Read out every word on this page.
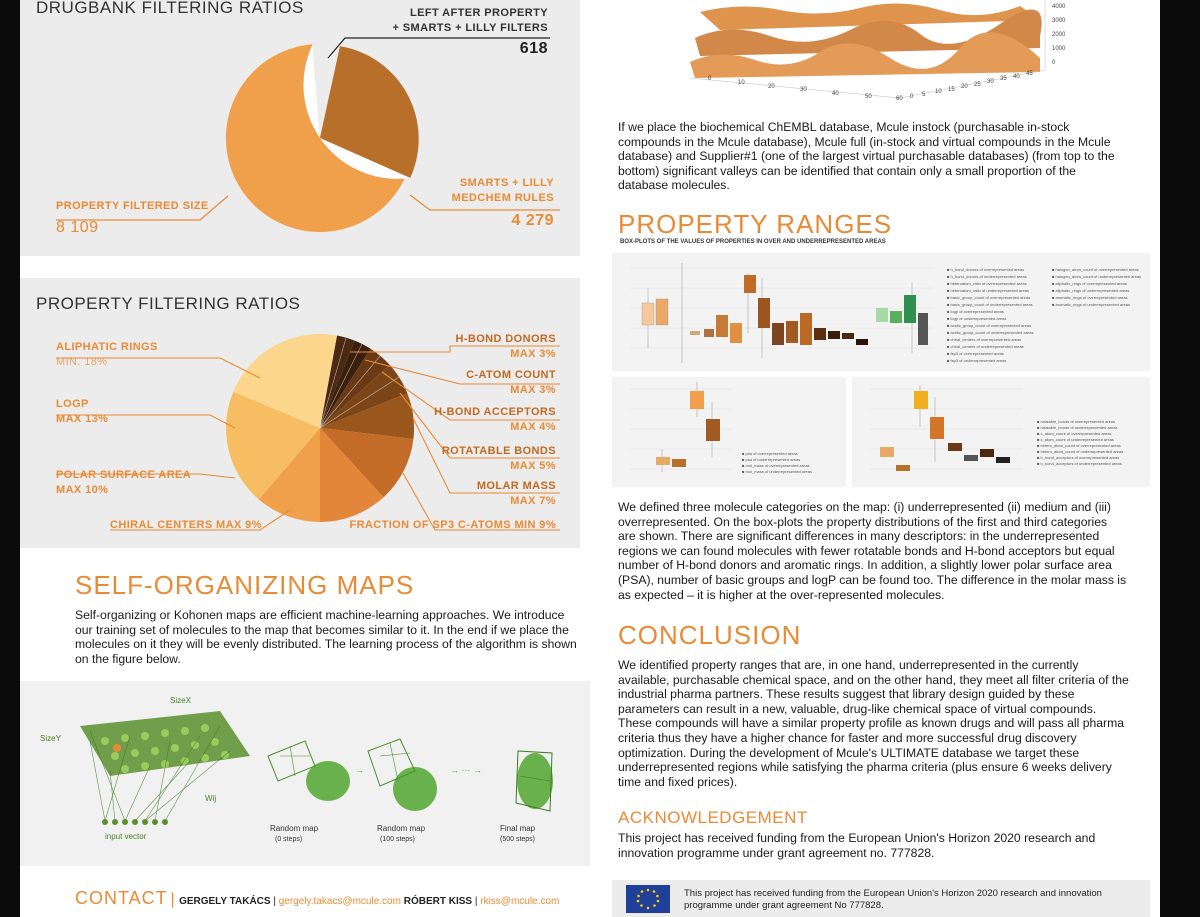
DRUGBANK FILTERING RATIOS	LEFT AFTER PROPERTY
+ SMARTS + LILLY FILTERS
618
SMARTS + LILLY
MEDCHEM RULES
4 279
PROPERTY FILTERED SIZE
8 109
PROPERTY FILTERING RATIOS
ALIPHATIC RINGS
MIN. 18%
LOGP
MAX 13%
POLAR SURFACE AREA
MAX 10%
CHIRAL CENTERS MAX 9%
H-BOND DONORS
MAX 3%
C-ATOM COUNT
MAX 3%
H-BOND ACCEPTORS
MAX 4%
ROTATABLE BONDS
MAX 5%
MOLAR MASS
MAX 7%
FRACTION OF SP3 C-ATOMS MIN 9%
SELF-ORGANIZING MAPS
Self-organizing or Kohonen maps are efficient machine-learning approaches. We introduce our training set of molecules to the map that becomes similar to it. In the end if we place the molecules on it they will be evenly distributed. The learning process of the algorithm is shown on the figure below.
SizeX
SizeY
Wij
input vector
→	→ ··· →
Random map
(0 steps)
Random map
(100 steps)
Final map
(500 steps)
CONTACT | GERGELY TAKÁCS | gergely.takacs@mcule.com RÓBERT KISS | rkiss@mcule.com
4000
3000
2000
1000
0
0
10
20	30
40	50	60 0 5 10 15 20 25 30 35 40 45
If we place the biochemical ChEMBL database, Mcule instock (purchasable in-stock compounds in the Mcule database), Mcule full (in-stock and virtual compounds in the Mcule database) and Supplier#1 (one of the largest virtual purchasable databases) (from top to the bottom) significant valleys can be identified that contain only a small proportion of the database molecules.
PROPERTY RANGES
BOX-PLOTS OF THE VALUES OF PROPERTIES IN OVER AND UNDERREPRESENTED AREAS
■ h_bond_donors of overrepresented areas
■ h_bond_donors of underrepresented areas
■ heteroatom_ratio of overrepresented areas
■ heteroatom_ratio of underrepresented areas
■ basic_group_count of overrepresented areas
■ basic_group_count of underrepresented areas
■ logp of overrepresented areas
■ logp of underrepresented areas
■ acidic_group_count of overrepresented areas
■ acidic_group_count of underrepresented areas
■ chiral_centers of overrepresented areas
■ chiral_centers of underrepresented areas
■ fsp3 of overrepresented areas
■ fsp3 of underrepresented areas
■ halogen_atom_count of overrepresented areas
■ halogen_atom_count of underrepresented areas
■ aliphatic_rings of overrepresented areas
■ aliphatic_rings of underrepresented areas
■ aromatic_rings of overrepresented areas
■ aromatic_rings of underrepresented areas
■ psa of overrepresented areas
■ psa of underrepresented areas
■ mol_mass of overrepresented areas
■ mol_mass of underrepresented areas
■ rotatable_bonds of overrepresented areas
■ rotatable_bonds of underrepresented areas
■ c_atom_count of overrepresented areas
■ c_atom_count of underrepresented areas
■ hetero_atom_count of overrepresented areas
■ hetero_atom_count of underrepresented areas
■ h_bond_acceptors of overrepresented areas
■ h_bond_acceptors of underrepresented areas
We defined three molecule categories on the map: (i) underrepresented (ii) medium and (iii) overrepresented. On the box-plots the property distributions of the first and third categories are shown. There are significant differences in many descriptors: in the underrepresented regions we can found molecules with fewer rotatable bonds and H-bond acceptors but equal number of H-bond donors and aromatic rings. In addition, a slightly lower polar surface area (PSA), number of basic groups and logP can be found too. The difference in the molar mass is as expected – it is higher at the over-represented molecules.
CONCLUSION
We identified property ranges that are, in one hand, underrepresented in the currently available, purchasable chemical space, and on the other hand, they meet all filter criteria of the industrial pharma partners. These results suggest that library design guided by these parameters can result in a new, valuable, drug-like chemical space of virtual compounds. These compounds will have a similar property profile as known drugs and will pass all pharma criteria thus they have a higher chance for faster and more successful drug discovery optimization. During the development of Mcule's ULTIMATE database we target these underrepresented regions while satisfying the pharma criteria (plus ensure 6 weeks delivery time and fixed prices).
ACKNOWLEDGEMENT
This project has received funding from the European Union's Horizon 2020 research and innovation programme under grant agreement no. 777828.
This project has received funding from the European Union's Horizon 2020 research and innovation programme under grant agreement No 777828.
